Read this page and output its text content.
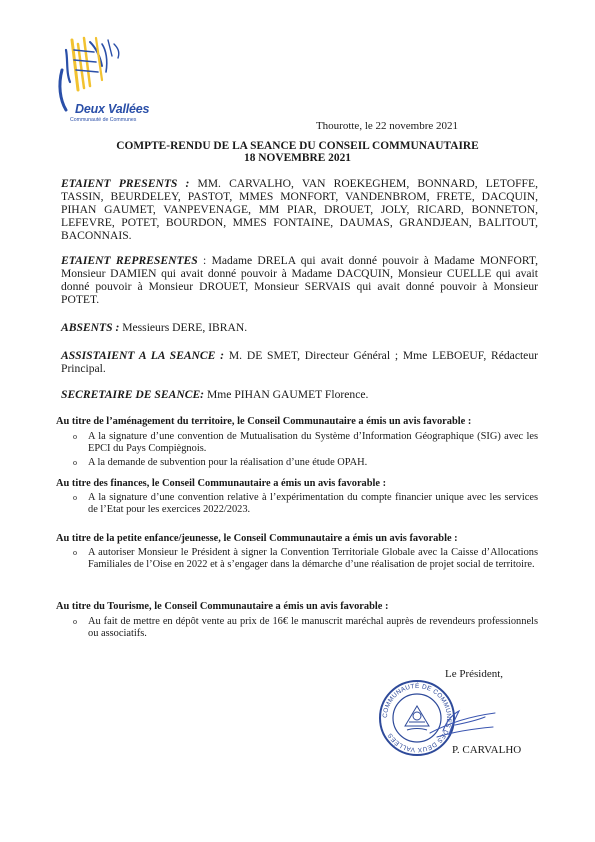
Deux Vallées
Communauté de Communes	Thourotte, le 22 novembre 2021
COMPTE-RENDU DE LA SEANCE DU CONSEIL COMMUNAUTAIRE
18 NOVEMBRE 2021
ETAIENT PRESENTS : MM. CARVALHO, VAN ROEKEGHEM, BONNARD, LETOFFE, TASSIN, BEURDELEY, PASTOT, MMES MONFORT, VANDENBROM, FRETE, DACQUIN, PIHAN GAUMET, VANPEVENAGE, MM PIAR, DROUET, JOLY, RICARD, BONNETON, LEFEVRE, POTET, BOURDON, MMES FONTAINE, DAUMAS, GRANDJEAN, BALITOUT, BACONNAIS.
ETAIENT REPRESENTES : Madame DRELA qui avait donné pouvoir à Madame MONFORT, Monsieur DAMIEN qui avait donné pouvoir à Madame DACQUIN, Monsieur CUELLE qui avait donné pouvoir à Monsieur DROUET, Monsieur SERVAIS qui avait donné pouvoir à Monsieur POTET.
ABSENTS : Messieurs DERE, IBRAN.
ASSISTAIENT A LA SEANCE : M. DE SMET, Directeur Général ; Mme LEBOEUF, Rédacteur Principal.
SECRETAIRE DE SEANCE: Mme PIHAN GAUMET Florence.
Au titre de l’aménagement du territoire, le Conseil Communautaire a émis un avis favorable :
o A la signature d’une convention de Mutualisation du Système d’Information Géographique (SIG) avec les EPCI du Pays Compiègnois.
o A la demande de subvention pour la réalisation d’une étude OPAH.
Au titre des finances, le Conseil Communautaire a émis un avis favorable :
o A la signature d’une convention relative à l’expérimentation du compte financier unique avec les services de l’Etat pour les exercices 2022/2023.
Au titre de la petite enfance/jeunesse, le Conseil Communautaire a émis un avis favorable :
o A autoriser Monsieur le Président à signer la Convention Territoriale Globale avec la Caisse d’Allocations Familiales de l’Oise en 2022 et à s’engager dans la démarche d’une réalisation de projet social de territoire.
Au titre du Tourisme, le Conseil Communautaire a émis un avis favorable :
o Au fait de mettre en dépôt vente au prix de 16€ le manuscrit maréchal auprès de revendeurs professionnels ou associatifs.
Le Président,
COMMUNAUTÉ DE COMMUNES DES DEUX VALLÉES
P. CARVALHO
